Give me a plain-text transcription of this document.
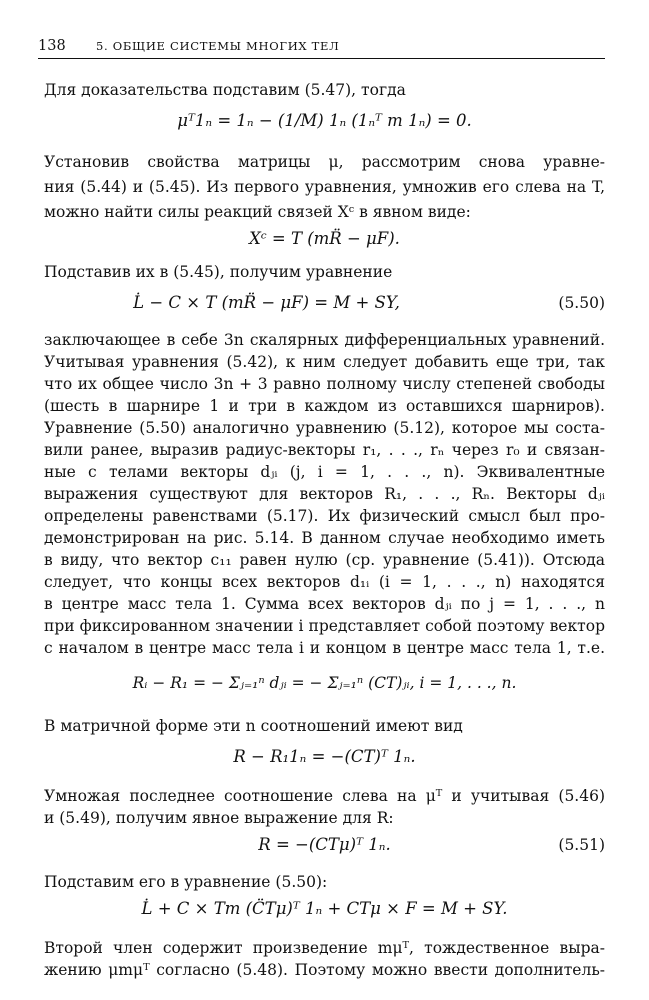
138	5. ОБЩИЕ СИСТЕМЫ МНОГИХ ТЕЛ
Для доказательства подставим (5.47), тогда
μᵀ1ₙ = 1ₙ − (1/M) 1ₙ (1ₙᵀ m 1ₙ) = 0.
Установив свойства матрицы μ, рассмотрим снова уравне-
ния (5.44) и (5.45). Из первого уравнения, умножив его слева на T,
можно найти силы реакций связей Xᶜ в явном виде:
Xᶜ = T (mR̈ − μF).
Подставив их в (5.45), получим уравнение
L̇ − C × T (mR̈ − μF) = M + SY,	(5.50)
заключающее в себе 3n скалярных дифференциальных уравнений.
Учитывая уравнения (5.42), к ним следует добавить еще три, так
что их общее число 3n + 3 равно полному числу степеней свободы
(шесть в шарнире 1 и три в каждом из оставшихся шарниров).
Уравнение (5.50) аналогично уравнению (5.12), которое мы соста-
вили ранее, выразив радиус-векторы r₁, . . ., rₙ через r₀ и связан-
ные с телами векторы dⱼᵢ (j, i = 1, . . ., n). Эквивалентные
выражения существуют для векторов R₁, . . ., Rₙ. Векторы dⱼᵢ
определены равенствами (5.17). Их физический смысл был про-
демонстрирован на рис. 5.14. В данном случае необходимо иметь
в виду, что вектор c₁₁ равен нулю (ср. уравнение (5.41)). Отсюда
следует, что концы всех векторов d₁ᵢ (i = 1, . . ., n) находятся
в центре масс тела 1. Сумма всех векторов dⱼᵢ по j = 1, . . ., n
при фиксированном значении i представляет собой поэтому вектор
с началом в центре масс тела i и концом в центре масс тела 1, т.е.
Rᵢ − R₁ = − Σⱼ₌₁ⁿ dⱼᵢ = − Σⱼ₌₁ⁿ (CT)ⱼᵢ, i = 1, . . ., n.
В матричной форме эти n соотношений имеют вид
R − R₁1ₙ = −(CT)ᵀ 1ₙ.
Умножая последнее соотношение слева на μᵀ и учитывая (5.46)
и (5.49), получим явное выражение для R:
R = −(CTμ)ᵀ 1ₙ.	(5.51)
Подставим его в уравнение (5.50):
L̇ + C × Tm (C̈Tμ)ᵀ 1ₙ + CTμ × F = M + SY.
Второй член содержит произведение mμᵀ, тождественное выра-
жению μmμᵀ согласно (5.48). Поэтому можно ввести дополнитель-
